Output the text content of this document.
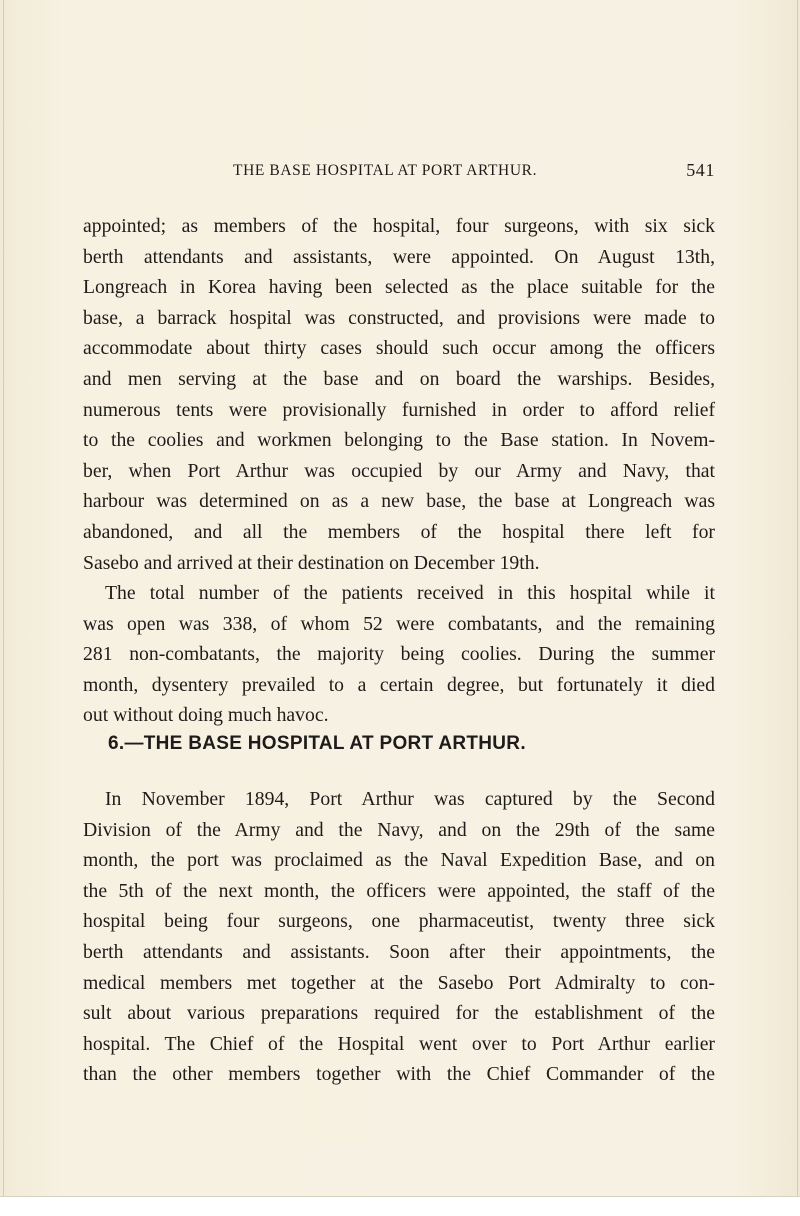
THE BASE HOSPITAL AT PORT ARTHUR.	541
appointed; as members of the hospital, four surgeons, with six sick
berth attendants and assistants, were appointed. On August 13th,
Longreach in Korea having been selected as the place suitable for the
base, a barrack hospital was constructed, and provisions were made to
accommodate about thirty cases should such occur among the officers
and men serving at the base and on board the warships. Besides,
numerous tents were provisionally furnished in order to afford relief
to the coolies and workmen belonging to the Base station. In Novem-
ber, when Port Arthur was occupied by our Army and Navy, that
harbour was determined on as a new base, the base at Longreach was
abandoned, and all the members of the hospital there left for
Sasebo and arrived at their destination on December 19th.
The total number of the patients received in this hospital while it
was open was 338, of whom 52 were combatants, and the remaining
281 non-combatants, the majority being coolies. During the summer
month, dysentery prevailed to a certain degree, but fortunately it died
out without doing much havoc.
6.—THE BASE HOSPITAL AT PORT ARTHUR.
In November 1894, Port Arthur was captured by the Second
Division of the Army and the Navy, and on the 29th of the same
month, the port was proclaimed as the Naval Expedition Base, and on
the 5th of the next month, the officers were appointed, the staff of the
hospital being four surgeons, one pharmaceutist, twenty three sick
berth attendants and assistants. Soon after their appointments, the
medical members met together at the Sasebo Port Admiralty to con-
sult about various preparations required for the establishment of the
hospital. The Chief of the Hospital went over to Port Arthur earlier
than the other members together with the Chief Commander of the
